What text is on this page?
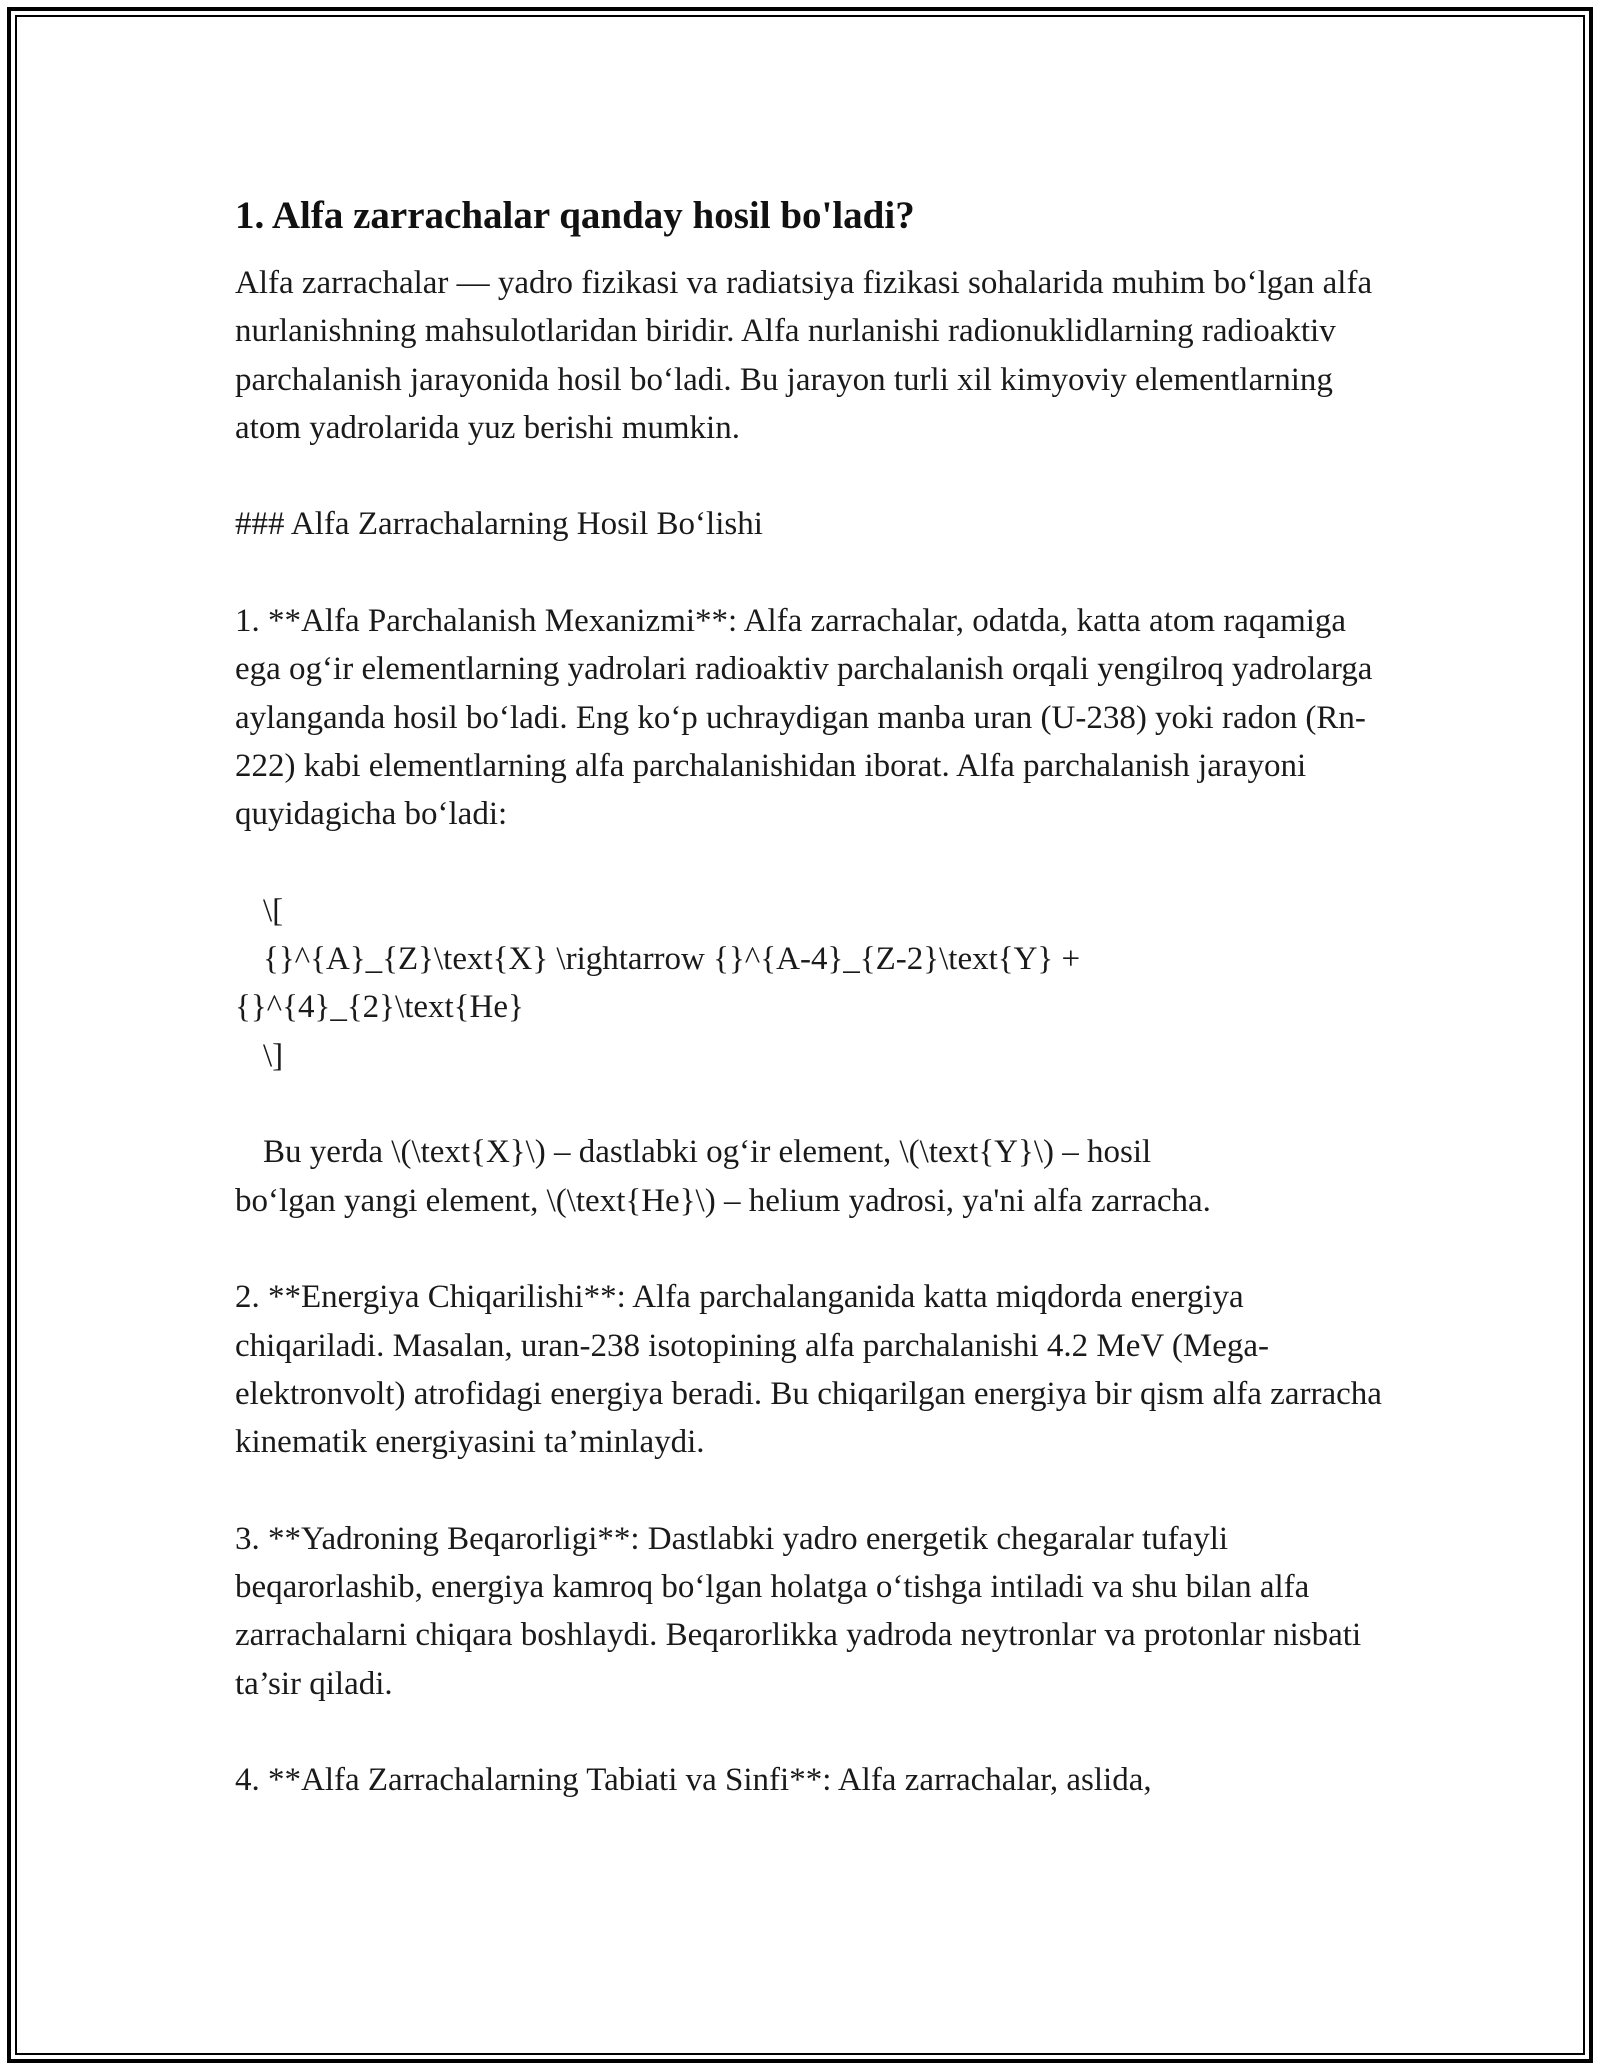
1. Alfa zarrachalar qanday hosil bo'ladi?

Alfa zarrachalar — yadro fizikasi va radiatsiya fizikasi sohalarida muhim bo‘lgan alfa nurlanishning mahsulotlaridan biridir. Alfa nurlanishi radionuklidlarning radioaktiv parchalanish jarayonida hosil bo‘ladi. Bu jarayon turli xil kimyoviy elementlarning atom yadrolarida yuz berishi mumkin.

### Alfa Zarrachalarning Hosil Bo‘lishi

1. **Alfa Parchalanish Mexanizmi**: Alfa zarrachalar, odatda, katta atom raqamiga ega og‘ir elementlarning yadrolari radioaktiv parchalanish orqali yengilroq yadrolarga aylanganda hosil bo‘ladi. Eng ko‘p uchraydigan manba uran (U-238) yoki radon (Rn-222) kabi elementlarning alfa parchalanishidan iborat. Alfa parchalanish jarayoni quyidagicha bo‘ladi:

\[

{}^{A}_{Z}\text{X} \rightarrow {}^{A-4}_{Z-2}\text{Y} +

{}^{4}_{2}\text{He}

\]

Bu yerda \(\text{X}\) – dastlabki og‘ir element, \(\text{Y}\) – hosil

bo‘lgan yangi element, \(\text{He}\) – helium yadrosi, ya'ni alfa zarracha.

2. **Energiya Chiqarilishi**: Alfa parchalanganida katta miqdorda energiya chiqariladi. Masalan, uran-238 isotopining alfa parchalanishi 4.2 MeV (Mega-elektronvolt) atrofidagi energiya beradi. Bu chiqarilgan energiya bir qism alfa zarracha kinematik energiyasini ta’minlaydi.

3. **Yadroning Beqarorligi**: Dastlabki yadro energetik chegaralar tufayli beqarorlashib, energiya kamroq bo‘lgan holatga o‘tishga intiladi va shu bilan alfa zarrachalarni chiqara boshlaydi. Beqarorlikka yadroda neytronlar va protonlar nisbati ta’sir qiladi.

4. **Alfa Zarrachalarning Tabiati va Sinfi**: Alfa zarrachalar, aslida,
